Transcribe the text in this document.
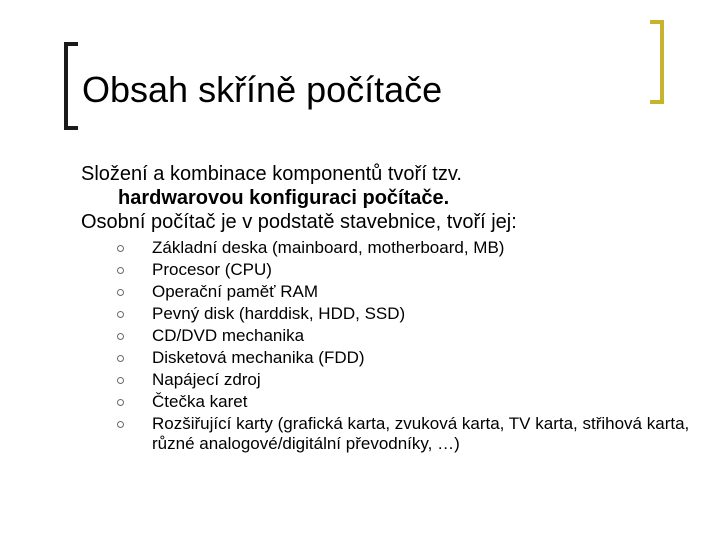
Obsah skříně počítače

Složení a kombinace komponentů tvoří tzv.
hardwarovou konfiguraci počítače.

Osobní počítač je v podstatě stavebnice, tvoří jej:

Základní deska (mainboard, motherboard, MB)
Procesor (CPU)
Operační paměť RAM
Pevný disk (harddisk, HDD, SSD)
CD/DVD mechanika
Disketová mechanika (FDD)
Napájecí zdroj
Čtečka karet
Rozšiřující karty (grafická karta, zvuková karta, TV karta, střihová karta, různé analogové/digitální převodníky, …)
